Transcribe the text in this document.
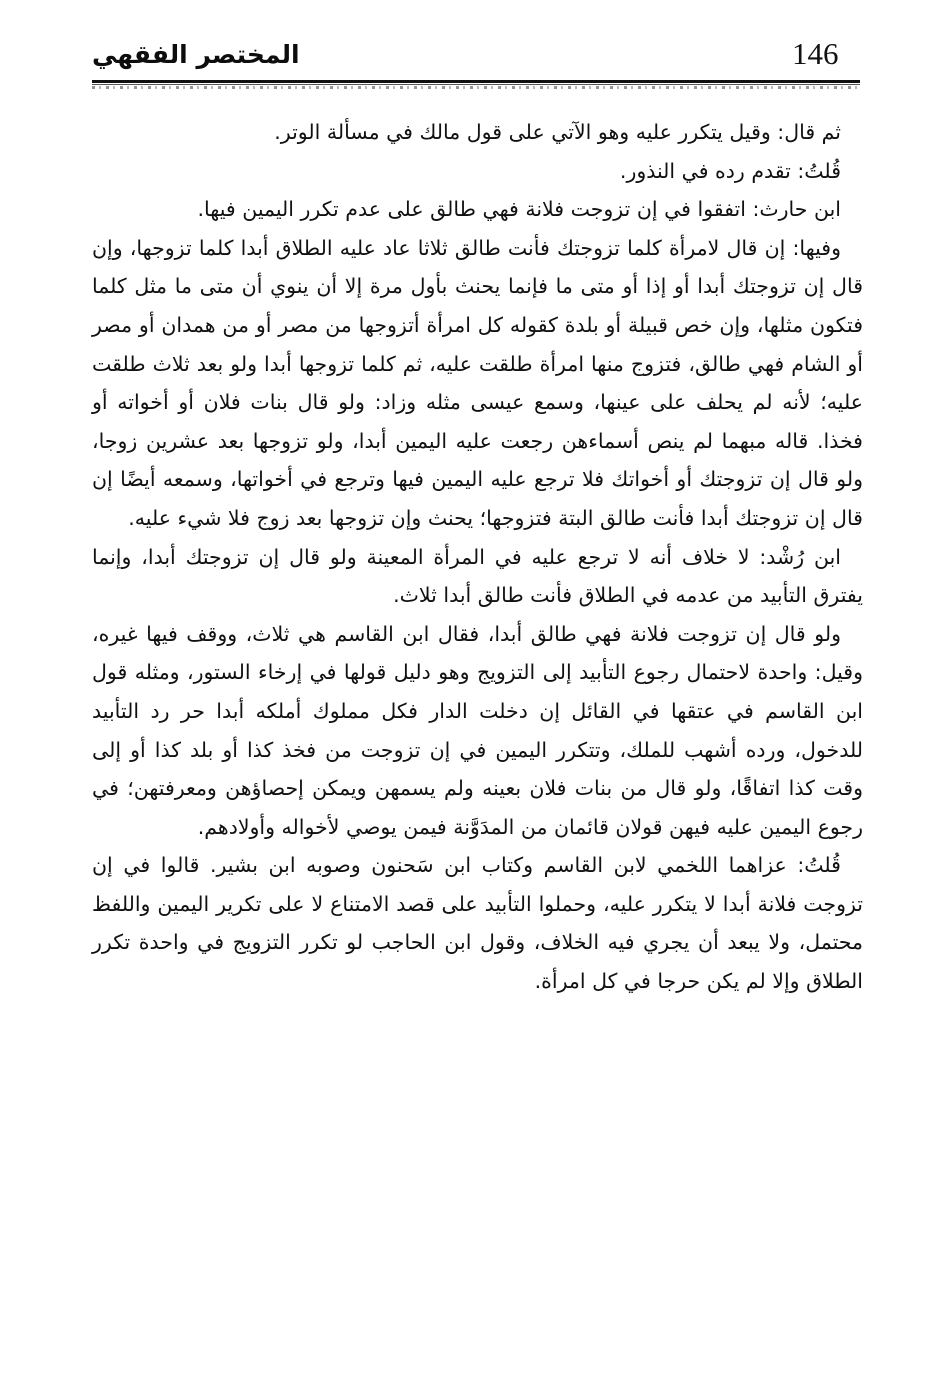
146
المختصر الفقهي

ثم قال: وقيل يتكرر عليه وهو الآتي على قول مالك في مسألة الوتر.

قُلتُ: تقدم رده في النذور.

ابن حارث: اتفقوا في إن تزوجت فلانة فهي طالق على عدم تكرر اليمين فيها.

وفيها: إن قال لامرأة كلما تزوجتك فأنت طالق ثلاثا عاد عليه الطلاق أبدا كلما تزوجها، وإن قال إن تزوجتك أبدا أو إذا أو متى ما فإنما يحنث بأول مرة إلا أن ينوي أن متى ما مثل كلما فتكون مثلها، وإن خص قبيلة أو بلدة كقوله كل امرأة أتزوجها من مصر أو من همدان أو مصر أو الشام فهي طالق، فتزوج منها امرأة طلقت عليه، ثم كلما تزوجها أبدا ولو بعد ثلاث طلقت عليه؛ لأنه لم يحلف على عينها، وسمع عيسى مثله وزاد: ولو قال بنات فلان أو أخواته أو فخذا. قاله مبهما لم ينص أسماءهن رجعت عليه اليمين أبدا، ولو تزوجها بعد عشرين زوجا، ولو قال إن تزوجتك أو أخواتك فلا ترجع عليه اليمين فيها وترجع في أخواتها، وسمعه أيضًا إن قال إن تزوجتك أبدا فأنت طالق البتة فتزوجها؛ يحنث وإن تزوجها بعد زوج فلا شيء عليه.

ابن رُشْد: لا خلاف أنه لا ترجع عليه في المرأة المعينة ولو قال إن تزوجتك أبدا، وإنما يفترق التأبيد من عدمه في الطلاق فأنت طالق أبدا ثلاث.

ولو قال إن تزوجت فلانة فهي طالق أبدا، فقال ابن القاسم هي ثلاث، ووقف فيها غيره، وقيل: واحدة لاحتمال رجوع التأبيد إلى التزويج وهو دليل قولها في إرخاء الستور، ومثله قول ابن القاسم في عتقها في القائل إن دخلت الدار فكل مملوك أملكه أبدا حر رد التأبيد للدخول، ورده أشهب للملك، وتتكرر اليمين في إن تزوجت من فخذ كذا أو بلد كذا أو إلى وقت كذا اتفاقًا، ولو قال من بنات فلان بعينه ولم يسمهن ويمكن إحصاؤهن ومعرفتهن؛ في رجوع اليمين عليه فيهن قولان قائمان من المدَوَّنة فيمن يوصي لأخواله وأولادهم.

قُلتُ: عزاهما اللخمي لابن القاسم وكتاب ابن سَحنون وصوبه ابن بشير. قالوا في إن تزوجت فلانة أبدا لا يتكرر عليه، وحملوا التأبيد على قصد الامتناع لا على تكرير اليمين واللفظ محتمل، ولا يبعد أن يجري فيه الخلاف، وقول ابن الحاجب لو تكرر التزويج في واحدة تكرر الطلاق وإلا لم يكن حرجا في كل امرأة.
